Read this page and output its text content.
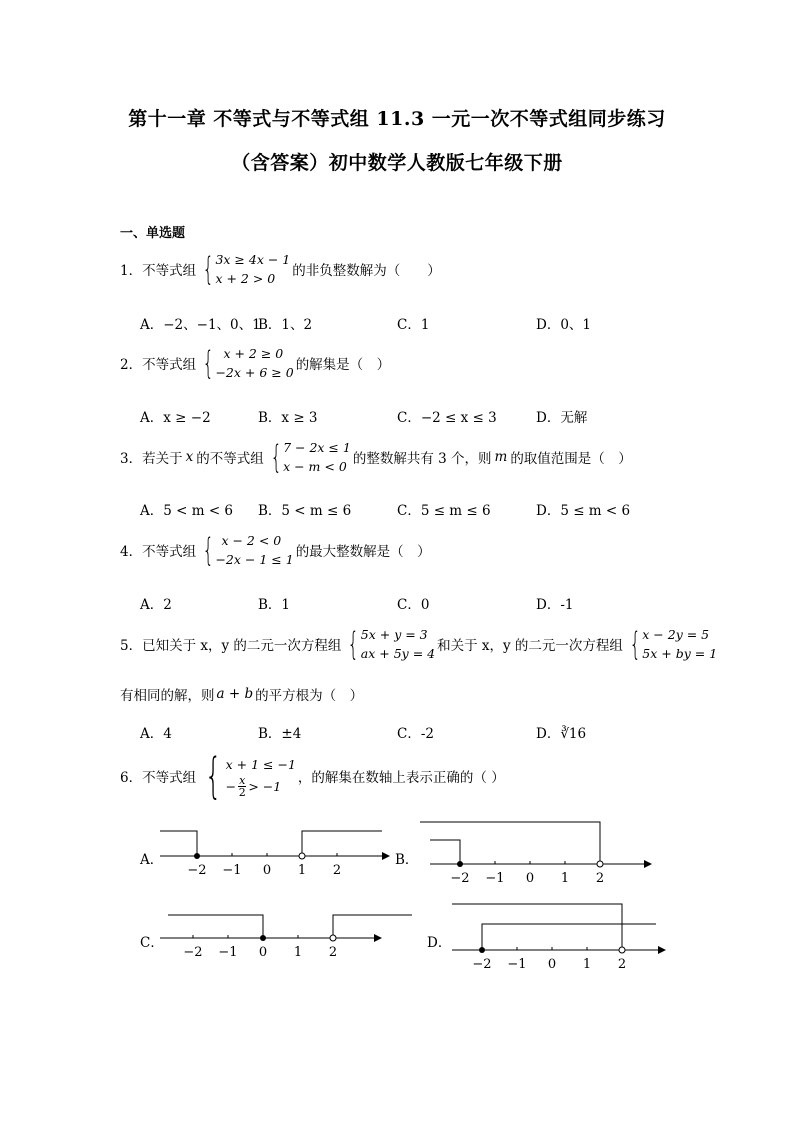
第十一章 不等式与不等式组 11.3 一元一次不等式组同步练习
（含答案）初中数学人教版七年级下册
一、单选题
1．不等式组 { 3x ≥ 4x − 1
x + 2 > 0	的非负整数解为（　　）
A．−2、−1、0、1
B．1、2	C．1	D．0、1
2．不等式组 { x + 2 ≥ 0
−2x + 6 ≥ 0 的解集是（　）
A．x ≥ −2	B．x ≥ 3	C．−2 ≤ x ≤ 3	D．无解
3．若关于 x 的不等式组 { 7 − 2x ≤ 1
x − m < 0 的整数解共有 3 个，则 m 的取值范围是（　）
A．5 < m < 6 B．5 < m ≤ 6	C．5 ≤ m ≤ 6	D．5 ≤ m < 6
4．不等式组 { x − 2 < 0
−2x − 1 ≤ 1 的最大整数解是（　）
A．2	B．1	C．0	D．-1
5．已知关于 x，y 的二元一次方程组 { 5x + y = 3
ax + 5y = 4 和关于 x，y 的二元一次方程组 { x − 2y = 5
5x + by = 1
有相同的解，则 a + b 的平方根为（　）
A．4	B．±4	C．-2	D．∛16
6．不等式组 { x + 1 ≤ −1
− $\frac{x}{2} > -1$
，的解集在数轴上表示正确的（ ）
A．	B．
C．	D．
−2 −1 0 1 2
−2 −1 0 1 2
−2 −1 0 1 2
−2 −1 0 1 2
